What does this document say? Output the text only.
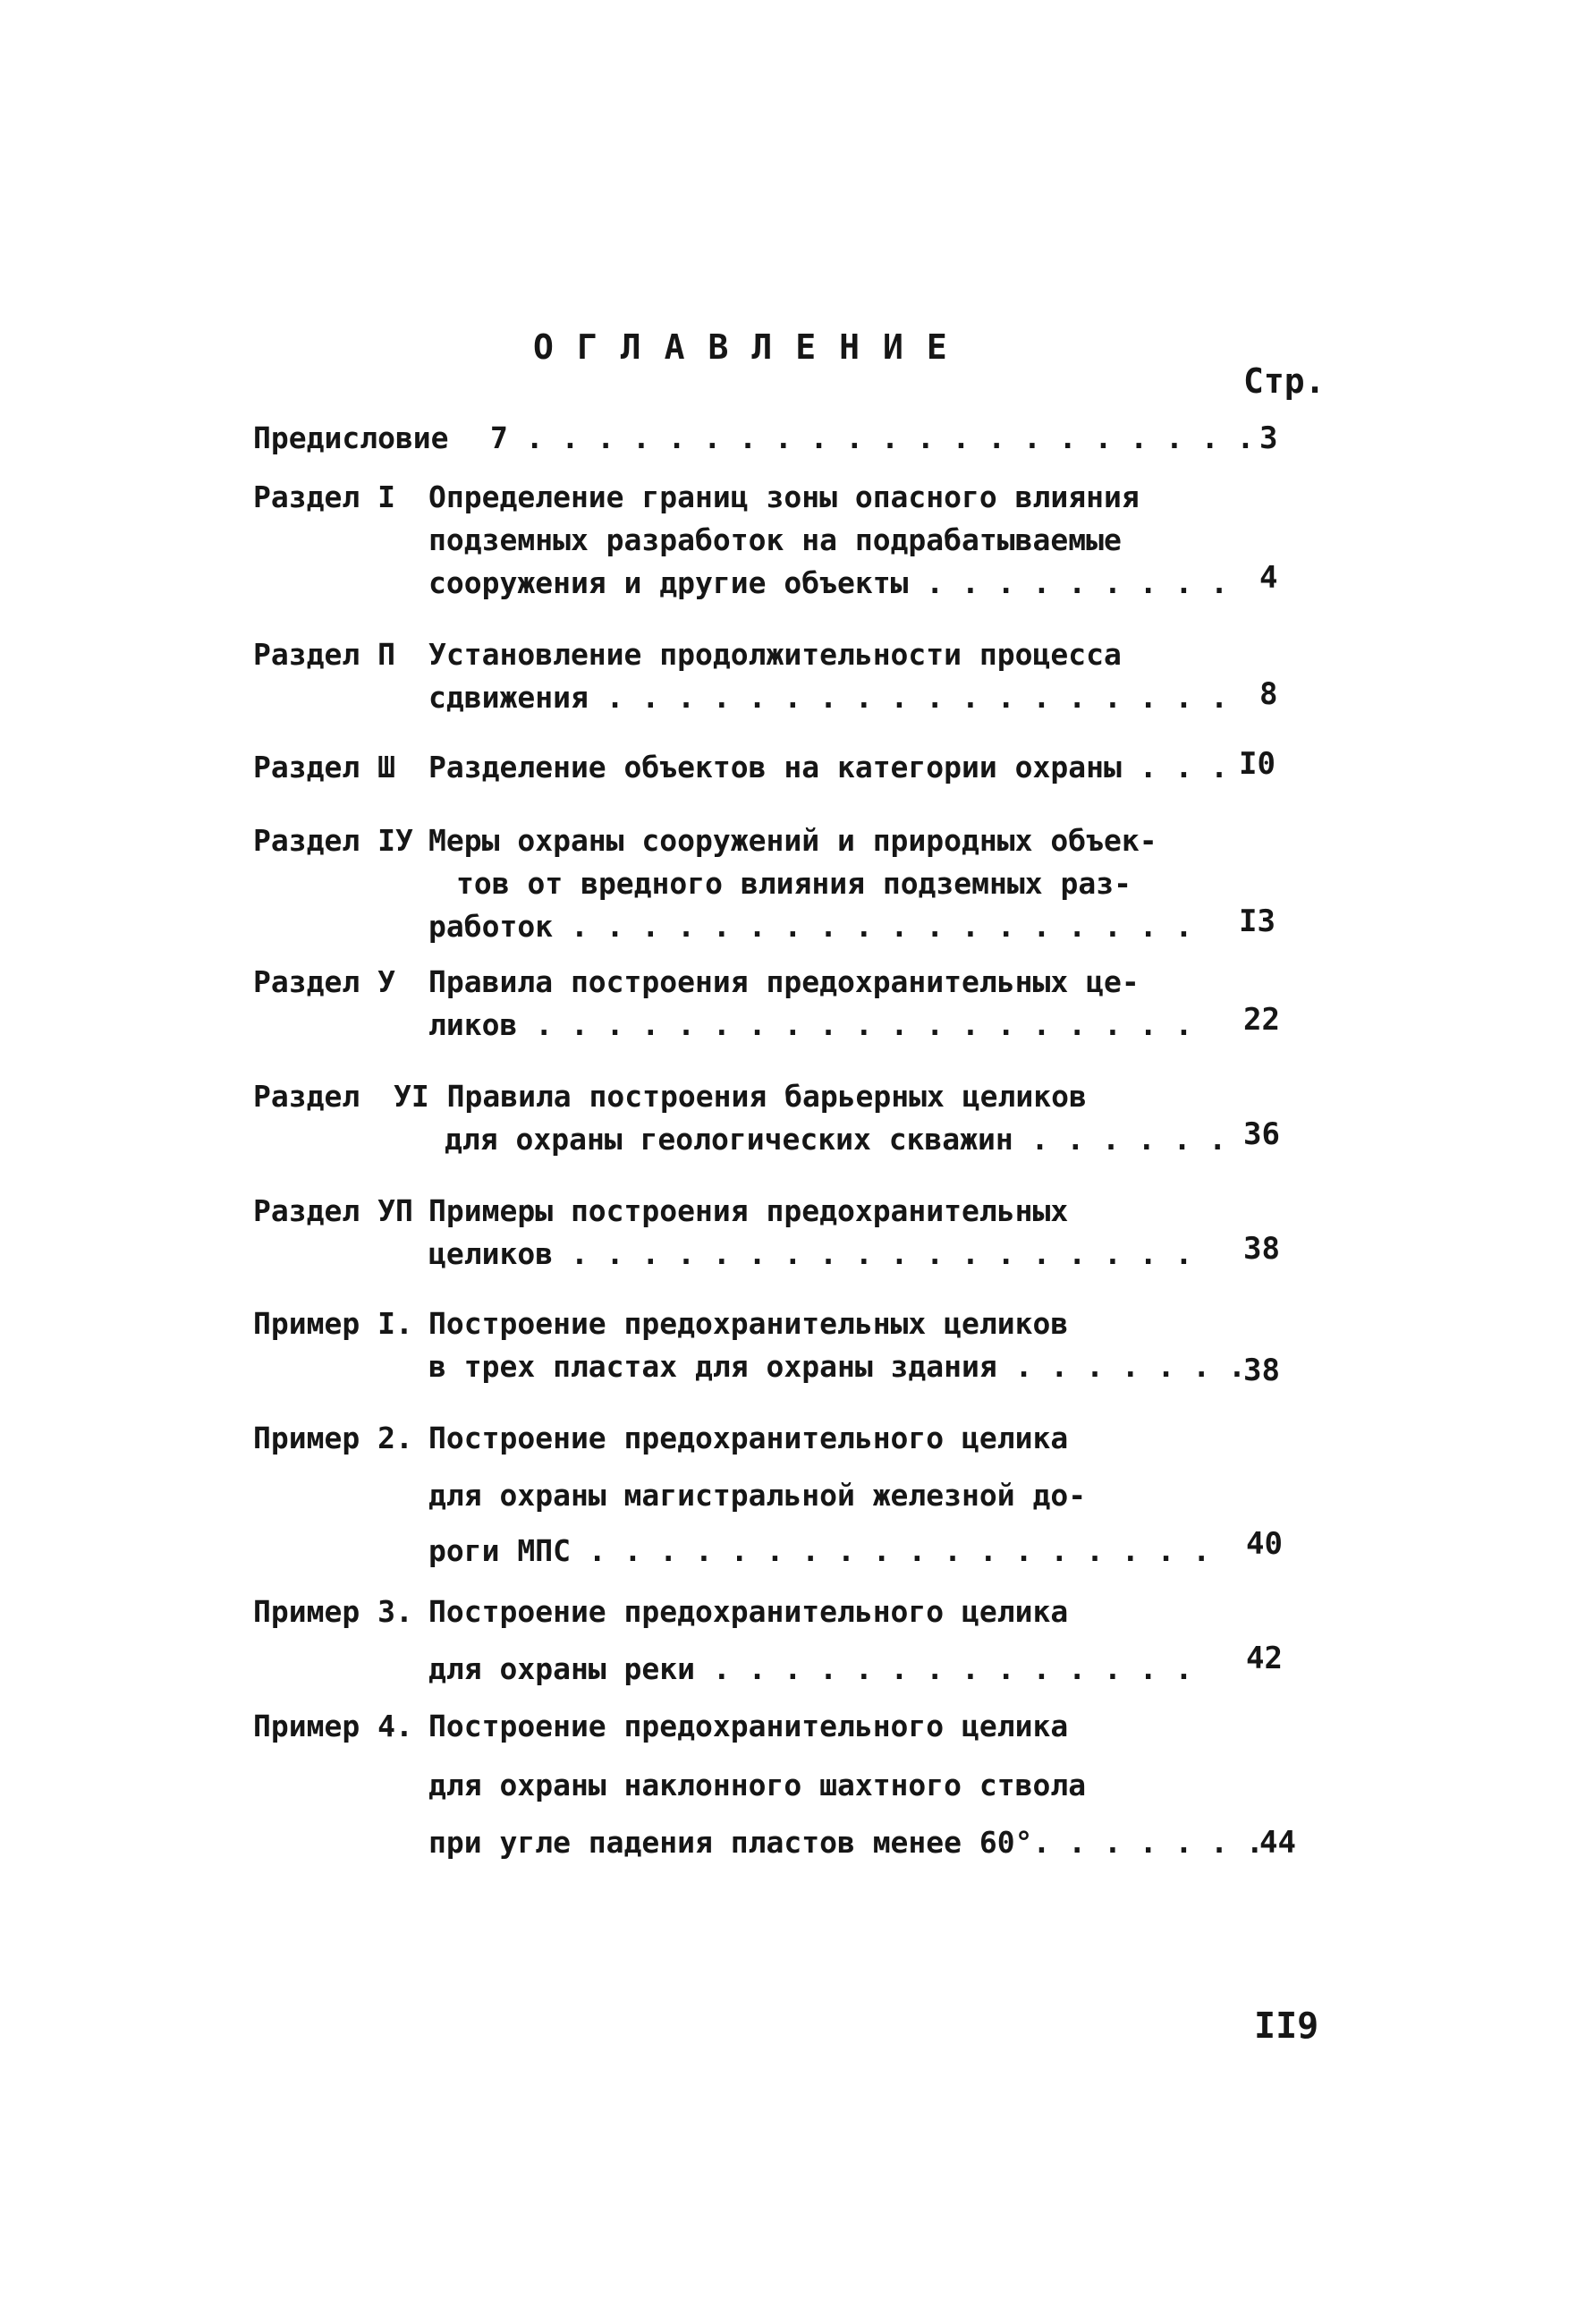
ОГЛАВЛЕНИЕ
Стр.
Предисловие 7 . . . . . . . . . . . . . . . . . . . . . 3
Раздел I Определение границ зоны опасного влияния
подземных разработок на подрабатываемые
сооружения и другие объекты . . . . . . . . . 4
Раздел П Установление продолжительности процесса
сдвижения . . . . . . . . . . . . . . . . . . 8
Раздел Ш Разделение объектов на категории охраны . . . I0
Раздел IУ Меры охраны сооружений и природных объек-
тов от вредного влияния подземных раз-
работок . . . . . . . . . . . . . . . . . . I3
Раздел У Правила построения предохранительных це-
ликов . . . . . . . . . . . . . . . . . . . 22
Раздел УI Правила построения барьерных целиков
для охраны геологических скважин . . . . . . 36
Раздел УП Примеры построения предохранительных
целиков . . . . . . . . . . . . . . . . . . 38
Пример I. Построение предохранительных целиков
в трех пластах для охраны здания . . . . . . .
38
Пример 2. Построение предохранительного целика
для охраны магистральной железной до-
роги МПС . . . . . . . . . . . . . . . . . . 40
Пример 3. Построение предохранительного целика
для охраны реки . . . . . . . . . . . . . . 42
Пример 4. Построение предохранительного целика
для охраны наклонного шахтного ствола
при угле падения пластов менее 60°. . . . . . .
44
II9
